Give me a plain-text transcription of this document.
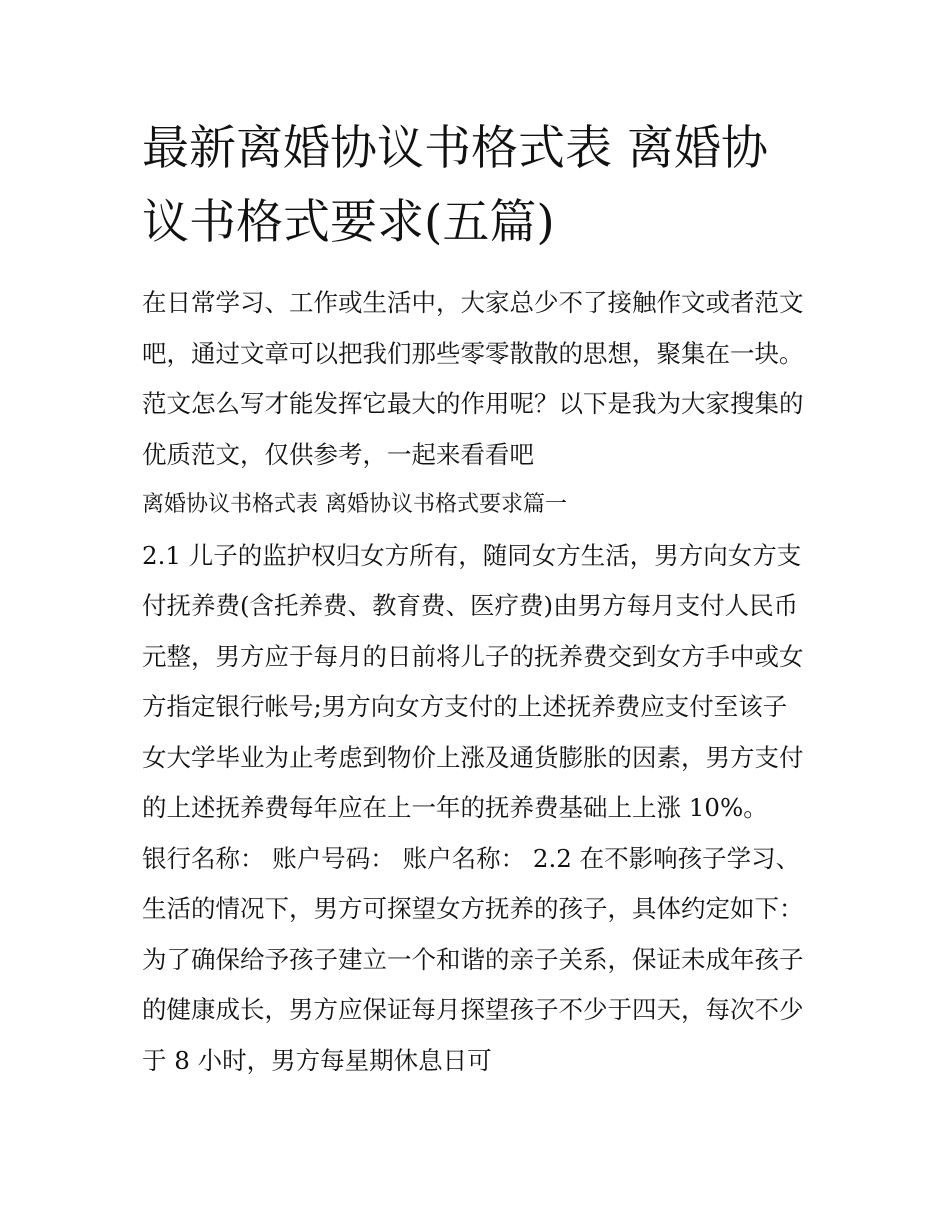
最新离婚协议书格式表 离婚协
议书格式要求(五篇)
在日常学习、工作或生活中，大家总少不了接触作文或者范文
吧，通过文章可以把我们那些零零散散的思想，聚集在一块。
范文怎么写才能发挥它最大的作用呢？以下是我为大家搜集的
优质范文，仅供参考，一起来看看吧
离婚协议书格式表 离婚协议书格式要求篇一
2.1 儿子的监护权归女方所有，随同女方生活，男方向女方支
付抚养费(含托养费、教育费、医疗费)由男方每月支付人民币
元整，男方应于每月的日前将儿子的抚养费交到女方手中或女
方指定银行帐号;男方向女方支付的上述抚养费应支付至该子
女大学毕业为止考虑到物价上涨及通货膨胀的因素，男方支付
的上述抚养费每年应在上一年的抚养费基础上上涨 10%。
银行名称： 账户号码： 账户名称： 2.2 在不影响孩子学习、
生活的情况下，男方可探望女方抚养的孩子，具体约定如下：
为了确保给予孩子建立一个和谐的亲子关系，保证未成年孩子
的健康成长，男方应保证每月探望孩子不少于四天，每次不少
于 8 小时，男方每星期休息日可
